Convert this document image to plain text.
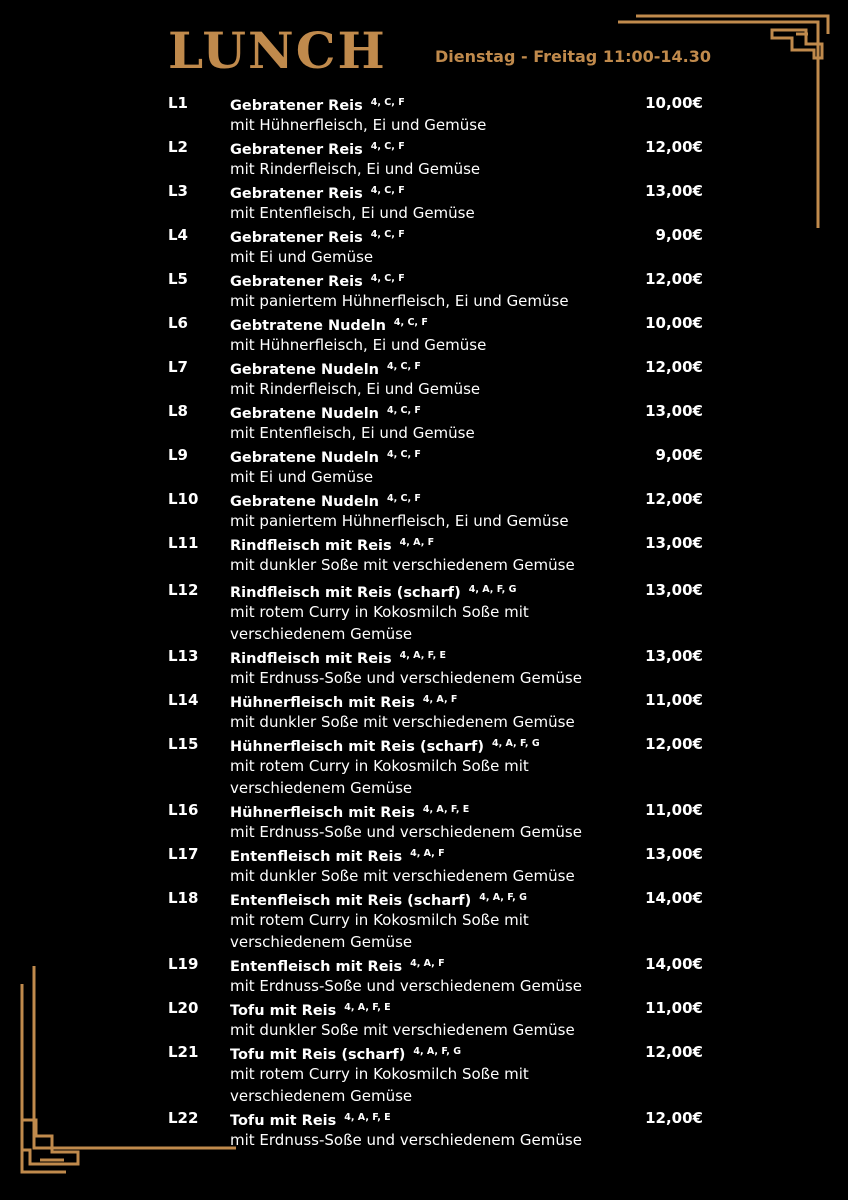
LUNCH	Dienstag - Freitag 11:00-14.30
L1	Gebratener Reis $^{4, C, F}$	10,00€
mit Hühnerfleisch, Ei und Gemüse
L2	Gebratener Reis $^{4, C, F}$	12,00€
mit Rinderfleisch, Ei und Gemüse
L3	Gebratener Reis $^{4, C, F}$	13,00€
mit Entenfleisch, Ei und Gemüse
L4	Gebratener Reis $^{4, C, F}$	9,00€
mit Ei und Gemüse
L5	Gebratener Reis $^{4, C, F}$	12,00€
mit paniertem Hühnerfleisch, Ei und Gemüse
L6	Gebtratene Nudeln $^{4, C, F}$	10,00€
mit Hühnerfleisch, Ei und Gemüse
L7	Gebratene Nudeln $^{4, C, F}$	12,00€
mit Rinderfleisch, Ei und Gemüse
L8	Gebratene Nudeln $^{4, C, F}$	13,00€
mit Entenfleisch, Ei und Gemüse
L9	Gebratene Nudeln $^{4, C, F}$	9,00€
mit Ei und Gemüse
L10 Gebratene Nudeln $^{4, C, F}$	12,00€
mit paniertem Hühnerfleisch, Ei und Gemüse
L11 Rindfleisch mit Reis $^{4, A, F}$	13,00€
mit dunkler Soße mit verschiedenem Gemüse
L12 Rindfleisch mit Reis (scharf) $^{4, A, F, G}$	13,00€
mit rotem Curry in Kokosmilch Soße mit verschiedenem Gemüse
L13 Rindfleisch mit Reis $^{4, A, F, E}$	13,00€
mit Erdnuss-Soße und verschiedenem Gemüse
L14 Hühnerfleisch mit Reis $^{4, A, F}$	11,00€
mit dunkler Soße mit verschiedenem Gemüse
L15 Hühnerfleisch mit Reis (scharf) $^{4, A, F, G}$	12,00€
mit rotem Curry in Kokosmilch Soße mit verschiedenem Gemüse
L16 Hühnerfleisch mit Reis $^{4, A, F, E}$	11,00€
mit Erdnuss-Soße und verschiedenem Gemüse
L17 Entenfleisch mit Reis $^{4, A, F}$	13,00€
mit dunkler Soße mit verschiedenem Gemüse
L18 Entenfleisch mit Reis (scharf) $^{4, A, F, G}$	14,00€
mit rotem Curry in Kokosmilch Soße mit verschiedenem Gemüse
L19 Entenfleisch mit Reis $^{4, A, F}$	14,00€
mit Erdnuss-Soße und verschiedenem Gemüse
L20 Tofu mit Reis $^{4, A, F, E}$	11,00€
mit dunkler Soße mit verschiedenem Gemüse
L21 Tofu mit Reis (scharf) $^{4, A, F, G}$	12,00€
mit rotem Curry in Kokosmilch Soße mit verschiedenem Gemüse
L22 Tofu mit Reis $^{4, A, F, E}$	12,00€
mit Erdnuss-Soße und verschiedenem Gemüse
